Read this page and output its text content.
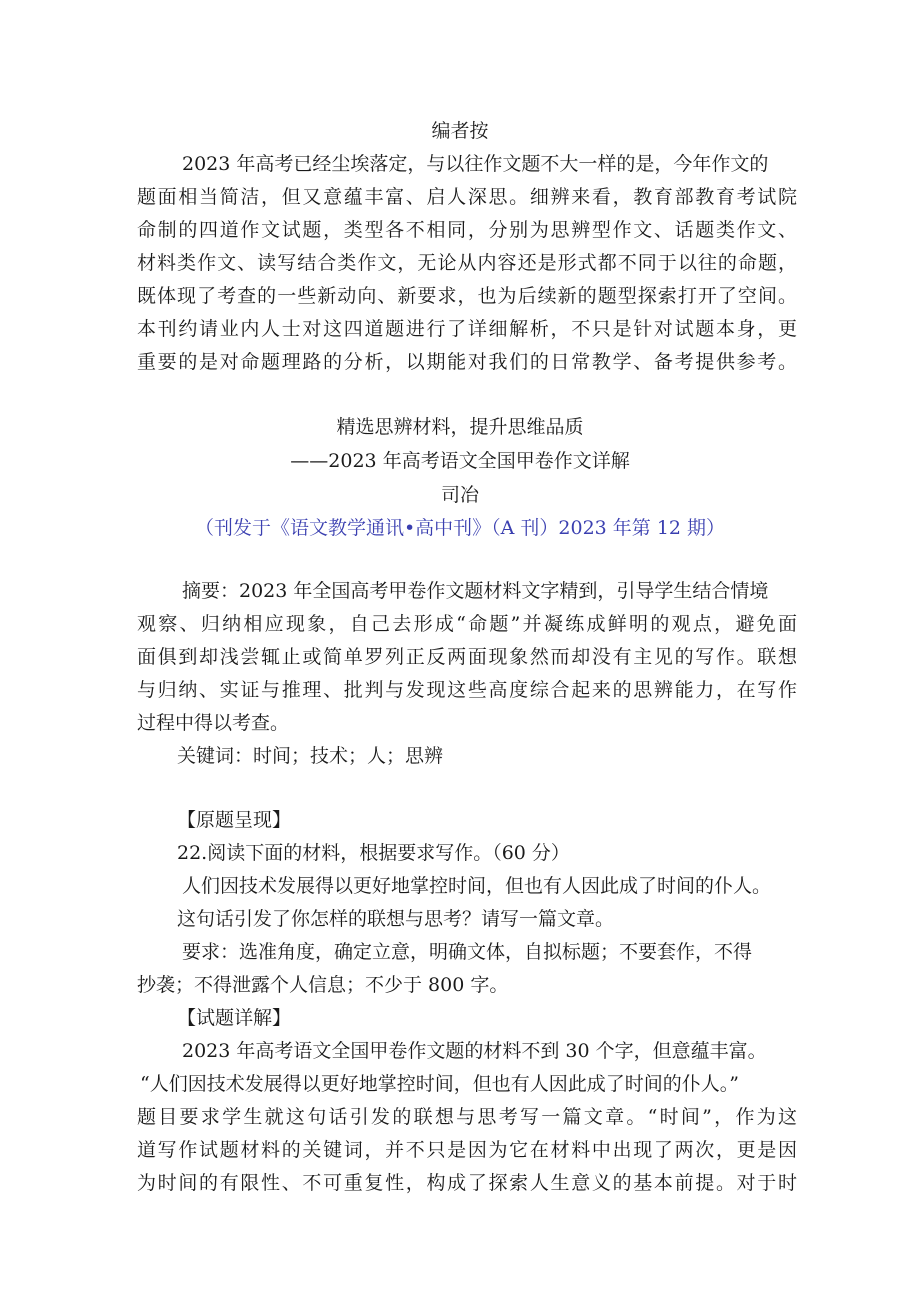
编者按
2023 年高考已经尘埃落定，与以往作文题不大一样的是，今年作文的
题面相当简洁，但又意蕴丰富、启人深思。细辨来看，教育部教育考试院
命制的四道作文试题，类型各不相同，分别为思辨型作文、话题类作文、
材料类作文、读写结合类作文，无论从内容还是形式都不同于以往的命题，
既体现了考查的一些新动向、新要求，也为后续新的题型探索打开了空间。
本刊约请业内人士对这四道题进行了详细解析，不只是针对试题本身，更
重要的是对命题理路的分析，以期能对我们的日常教学、备考提供参考。
精选思辨材料，提升思维品质
——2023 年高考语文全国甲卷作文详解
司冶
（刊发于《语文教学通讯•高中刊》（A 刊）2023 年第 12 期）
摘要：2023 年全国高考甲卷作文题材料文字精到，引导学生结合情境
观察、归纳相应现象，自己去形成“命题”并凝练成鲜明的观点，避免面
面俱到却浅尝辄止或简单罗列正反两面现象然而却没有主见的写作。联想
与归纳、实证与推理、批判与发现这些高度综合起来的思辨能力，在写作
过程中得以考查。
关键词：时间；技术；人；思辨
【原题呈现】
22.阅读下面的材料，根据要求写作。（60 分）
人们因技术发展得以更好地掌控时间，但也有人因此成了时间的仆人。
这句话引发了你怎样的联想与思考？请写一篇文章。
要求：选准角度，确定立意，明确文体，自拟标题；不要套作，不得
抄袭；不得泄露个人信息；不少于 800 字。
【试题详解】
2023 年高考语文全国甲卷作文题的材料不到 30 个字，但意蕴丰富。
“人们因技术发展得以更好地掌控时间，但也有人因此成了时间的仆人。”
题目要求学生就这句话引发的联想与思考写一篇文章。“时间”，作为这
道写作试题材料的关键词，并不只是因为它在材料中出现了两次，更是因
为时间的有限性、不可重复性，构成了探索人生意义的基本前提。对于时
